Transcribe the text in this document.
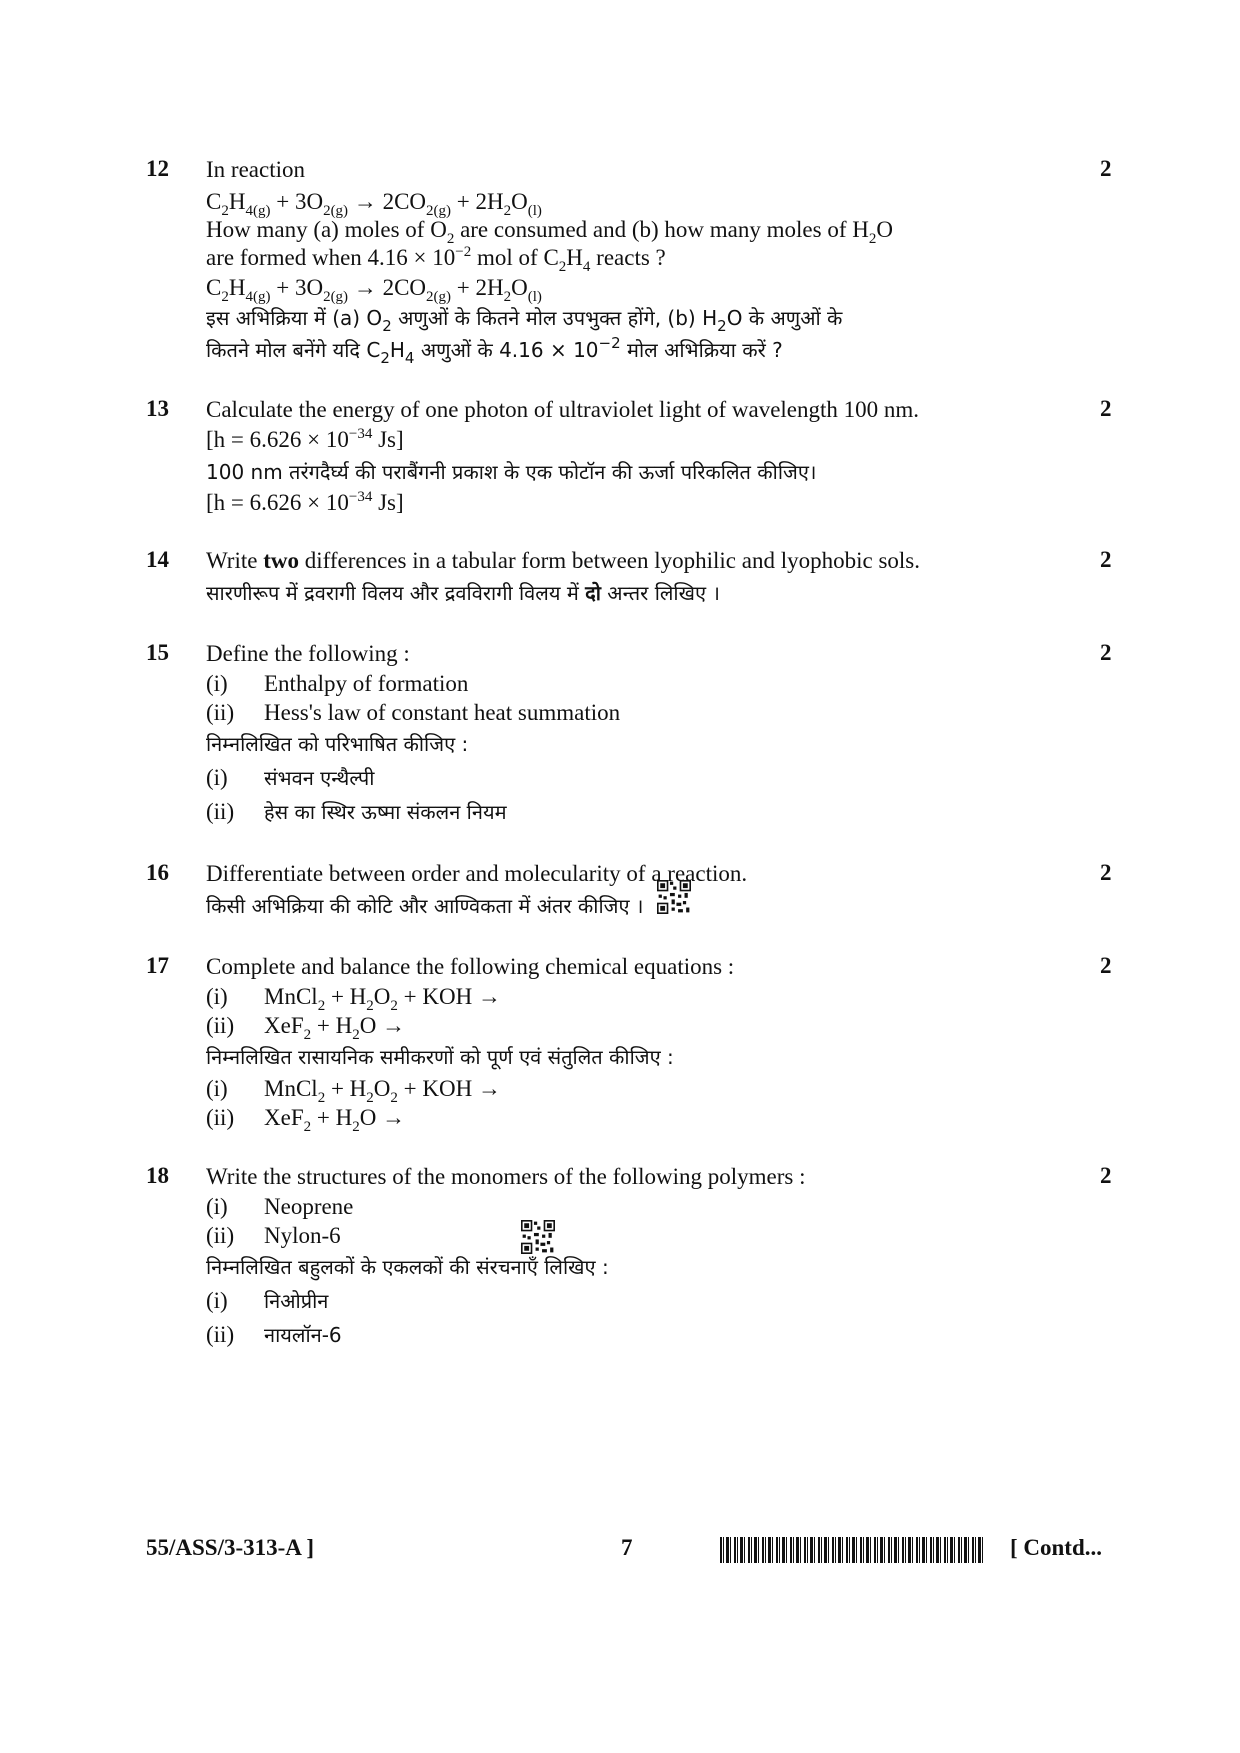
12	2
In reaction
$C_2H_{4(g)} + 3O_{2(g)} \to 2CO_{2(g)} + 2H_2O_{(l)}$
How many (a) moles of $O_2$ are consumed and (b) how many moles of $H_2O$
are formed when $4.16 \times 10^{-2}$ mol of $C_2H_4$ reacts ?
$C_2H_{4(g)} + 3O_{2(g)} \to 2CO_{2(g)} + 2H_2O_{(l)}$
इस अभिक्रिया में (a) $O_2$ अणुओं के कितने मोल उपभुक्त होंगे, (b) $H_2O$ के अणुओं के
कितने मोल बनेंगे यदि $C_2H_4$ अणुओं के $4.16 \times 10^{-2}$ मोल अभिक्रिया करें ?
13	2
Calculate the energy of one photon of ultraviolet light of wavelength 100 nm.
[$h = 6.626 \times 10^{-34}$ Js]
100 nm तरंगदैर्घ्य की पराबैंगनी प्रकाश के एक फोटॉन की ऊर्जा परिकलित कीजिए।
[$h = 6.626 \times 10^{-34}$ Js]
14	2
Write two differences in a tabular form between lyophilic and lyophobic sols.
सारणीरूप में द्रवरागी विलय और द्रवविरागी विलय में दो अन्तर लिखिए ।
15	2
Define the following :
(i) Enthalpy of formation
(ii) Hess's law of constant heat summation
निम्नलिखित को परिभाषित कीजिए :
(i) संभवन एन्थैल्पी
(ii) हेस का स्थिर ऊष्मा संकलन नियम
16	2
Differentiate between order and molecularity of a reaction.
किसी अभिक्रिया की कोटि और आण्विकता में अंतर कीजिए ।
17	2
Complete and balance the following chemical equations :
(i) MnCl$_2$ + $H_2O_2$ + KOH →
(ii) $XeF_2 + H_2O$ →
निम्नलिखित रासायनिक समीकरणों को पूर्ण एवं संतुलित कीजिए :
(i) MnCl$_2$ + $H_2O_2$ + KOH →
(ii) $XeF_2 + H_2O$ →
18	2
Write the structures of the monomers of the following polymers :
(i) Neoprene
(ii) Nylon-6
निम्नलिखित बहुलकों के एकलकों की संरचनाएँ लिखिए :
(i) निओप्रीन
(ii) नायलॉन-6
55/ASS/3-313-A ]	7	[ Contd...
